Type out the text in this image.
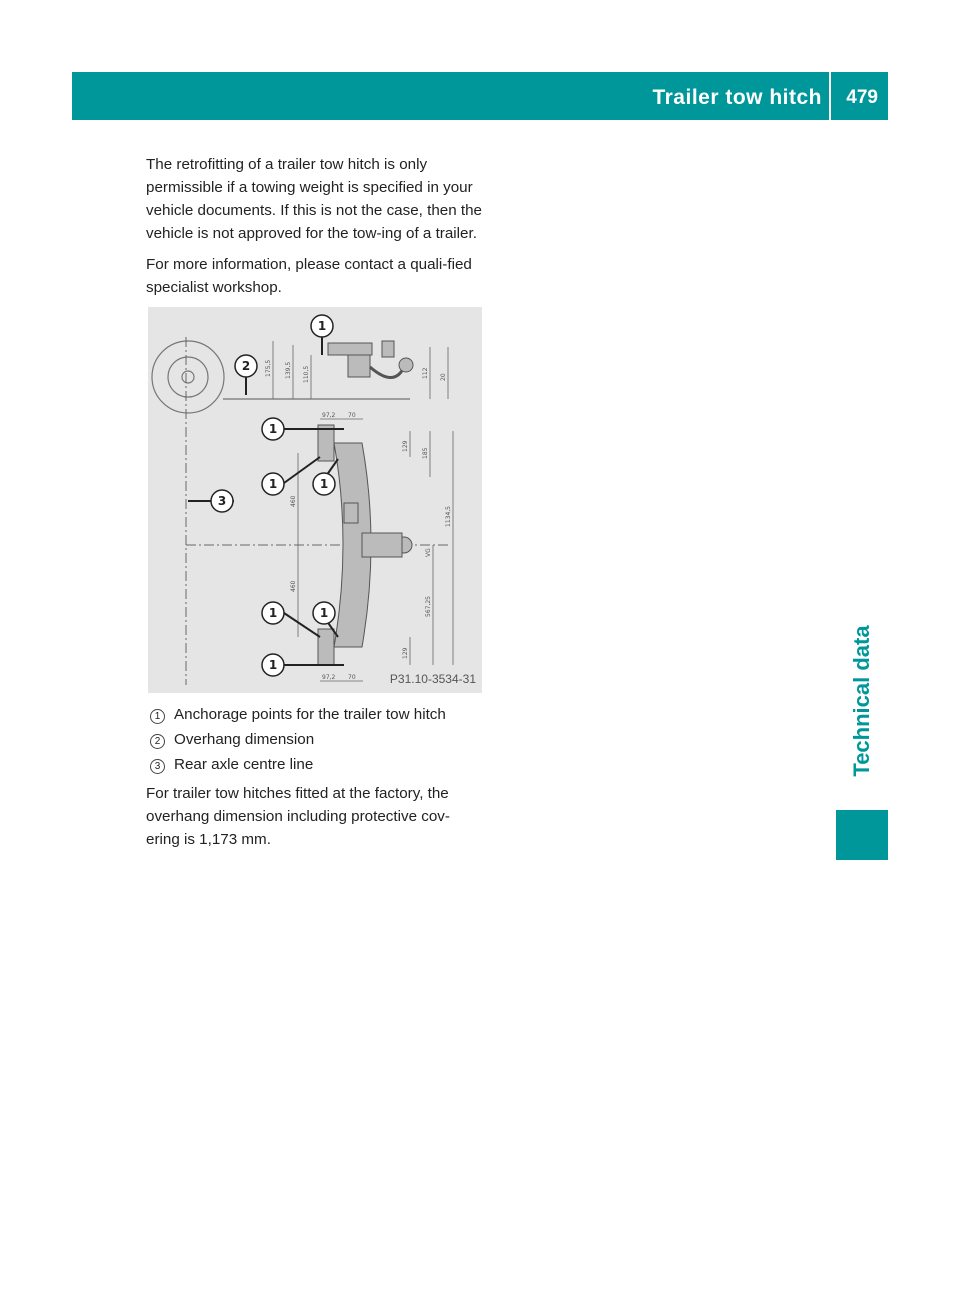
Trailer tow hitch 479
Technical data

The retrofitting of a trailer tow hitch is only permissible if a towing weight is specified in your vehicle documents. If this is not the case, then the vehicle is not approved for the tow-ing of a trailer.

For more information, please contact a quali-fied specialist workshop.

175,5 139,5 110,5	112 20
97,2 70
129
185
460
1134,5
VG
460
567,25
129
97,2 70
1
2
1
1	1
3
1	1
1
P31.10-3534-31
1 Anchorage points for the trailer tow hitch
2 Overhang dimension
3 Rear axle centre line

For trailer tow hitches fitted at the factory, the overhang dimension including protective cov-ering is 1,173 mm.
